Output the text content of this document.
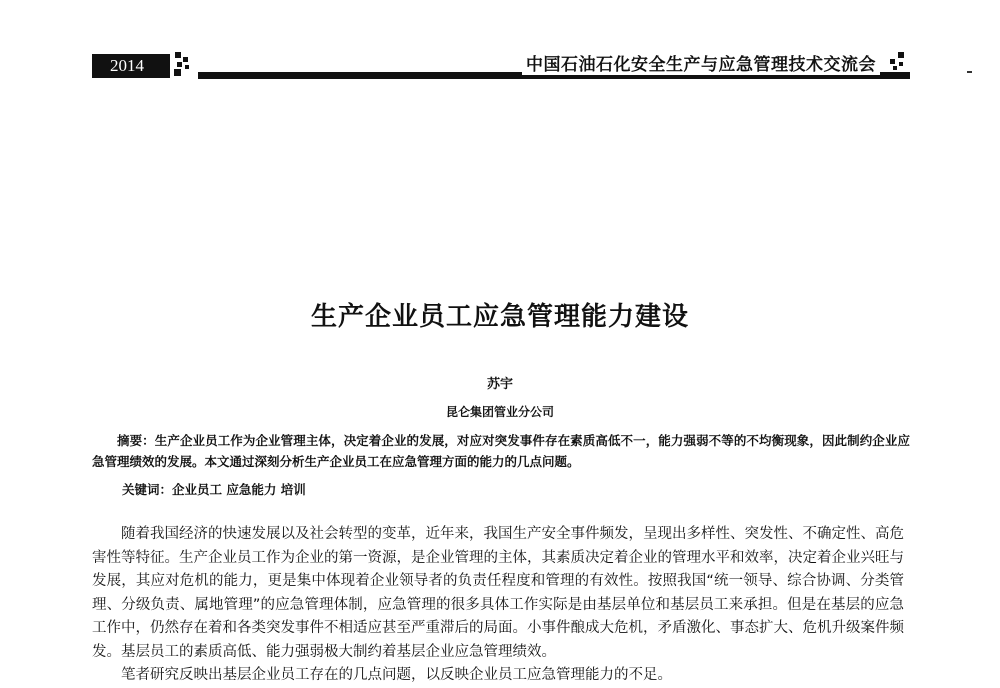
2014	中国石油石化安全生产与应急管理技术交流会
生产企业员工应急管理能力建设
苏宇
昆仑集团管业分公司

摘要：生产企业员工作为企业管理主体，决定着企业的发展，对应对突发事件存在素质高低不一，能力强弱不等的不均衡现象，因此制约企业应急管理绩效的发展。本文通过深刻分析生产企业员工在应急管理方面的能力的几点问题。

关键词：企业员工 应急能力 培训

随着我国经济的快速发展以及社会转型的变革，近年来，我国生产安全事件频发，呈现出多样性、突发性、不确定性、高危害性等特征。生产企业员工作为企业的第一资源，是企业管理的主体，其素质决定着企业的管理水平和效率，决定着企业兴旺与发展，其应对危机的能力，更是集中体现着企业领导者的负责任程度和管理的有效性。按照我国“统一领导、综合协调、分类管理、分级负责、属地管理”的应急管理体制，应急管理的很多具体工作实际是由基层单位和基层员工来承担。但是在基层的应急工作中，仍然存在着和各类突发事件不相适应甚至严重滞后的局面。小事件酿成大危机，矛盾激化、事态扩大、危机升级案件频发。基层员工的素质高低、能力强弱极大制约着基层企业应急管理绩效。

笔者研究反映出基层企业员工存在的几点问题，以反映企业员工应急管理能力的不足。
